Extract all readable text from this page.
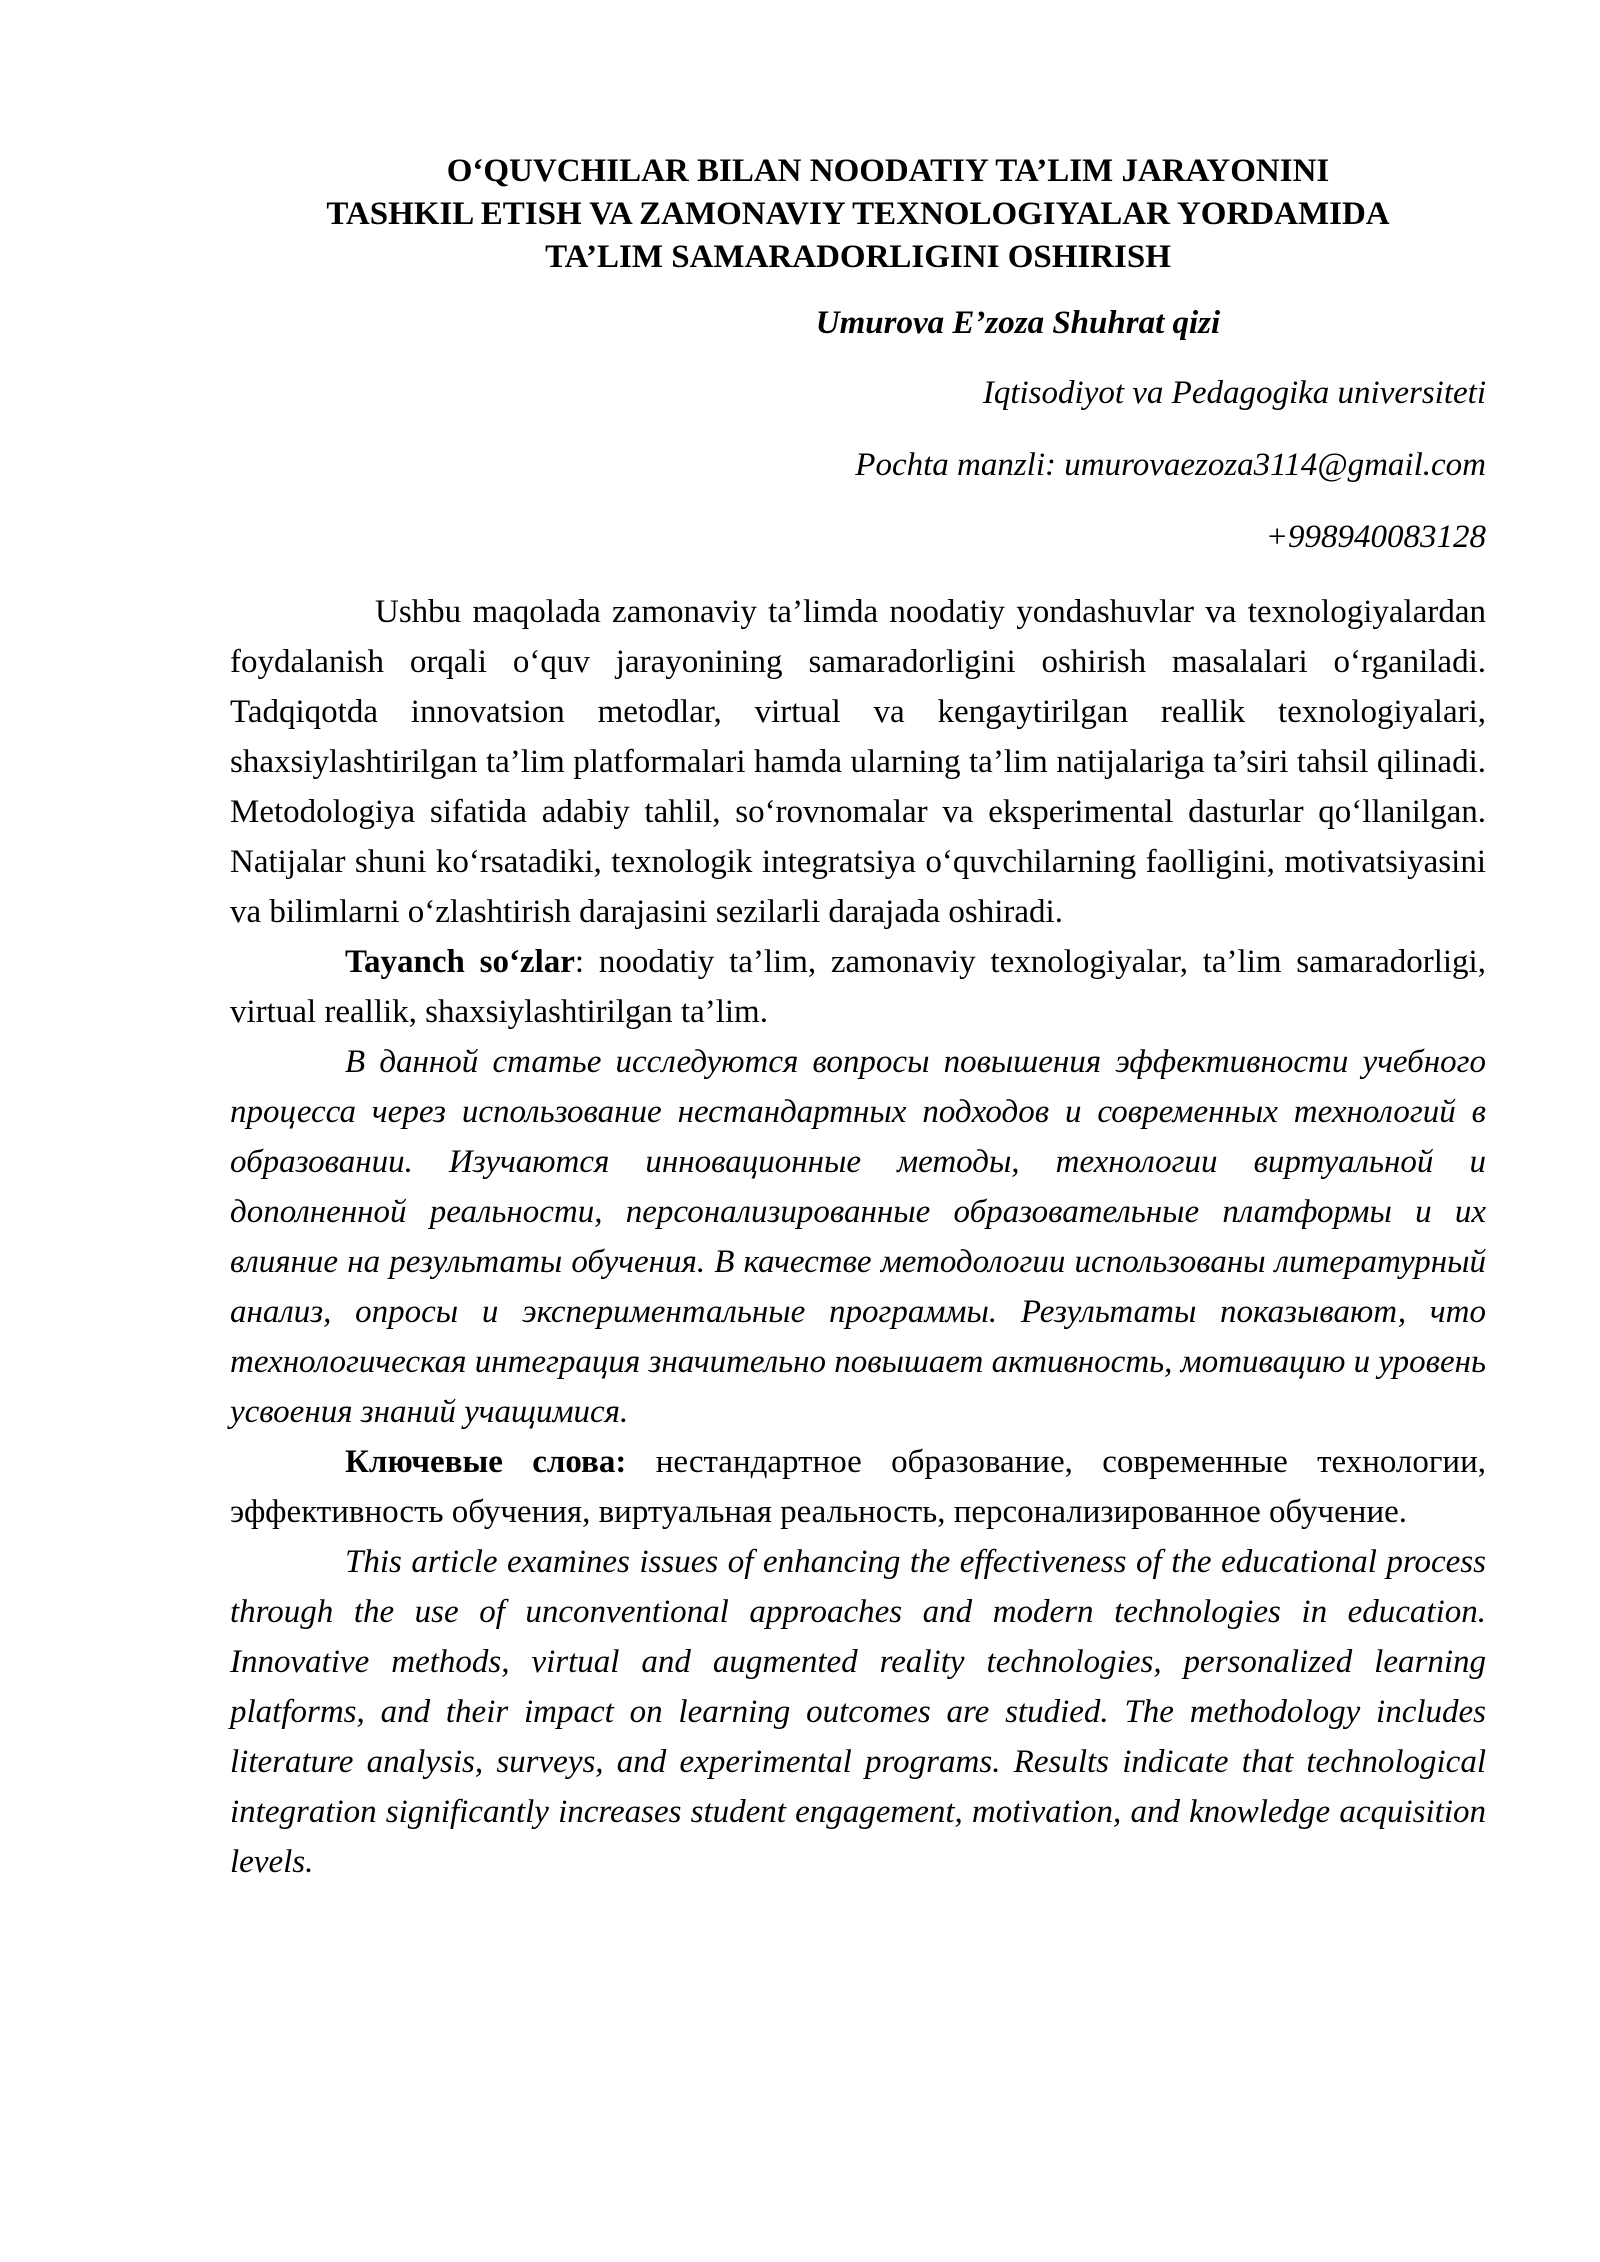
O‘QUVCHILAR BILAN NOODATIY TA’LIM JARAYONINI
TASHKIL ETISH VA ZAMONAVIY TEXNOLOGIYALAR YORDAMIDA
TA’LIM SAMARADORLIGINI OSHIRISH
Umurova E’zoza Shuhrat qizi
Iqtisodiyot va Pedagogika universiteti
Pochta manzli: umurovaezoza3114@gmail.com
+998940083128

Ushbu maqolada zamonaviy ta’limda noodatiy yondashuvlar va texnologiyalardan foydalanish orqali o‘quv jarayonining samaradorligini oshirish masalalari o‘rganiladi. Tadqiqotda innovatsion metodlar, virtual va kengaytirilgan reallik texnologiyalari, shaxsiylashtirilgan ta’lim platformalari hamda ularning ta’lim natijalariga ta’siri tahsil qilinadi. Metodologiya sifatida adabiy tahlil, so‘rovnomalar va eksperimental dasturlar qo‘llanilgan. Natijalar shuni ko‘rsatadiki, texnologik integratsiya o‘quvchilarning faolligini, motivatsiyasini va bilimlarni o‘zlashtirish darajasini sezilarli darajada oshiradi.

Tayanch so‘zlar: noodatiy ta’lim, zamonaviy texnologiyalar, ta’lim samaradorligi, virtual reallik, shaxsiylashtirilgan ta’lim.

В данной статье исследуются вопросы повышения эффективности учебного процесса через использование нестандартных подходов и современных технологий в образовании. Изучаются инновационные методы, технологии виртуальной и дополненной реальности, персонализированные образовательные платформы и их влияние на результаты обучения. В качестве методологии использованы литературный анализ, опросы и экспериментальные программы. Результаты показывают, что технологическая интеграция значительно повышает активность, мотивацию и уровень усвоения знаний учащимися.

Ключевые слова: нестандартное образование, современные технологии, эффективность обучения, виртуальная реальность, персонализированное обучение.

This article examines issues of enhancing the effectiveness of the educational process through the use of unconventional approaches and modern technologies in education. Innovative methods, virtual and augmented reality technologies, personalized learning platforms, and their impact on learning outcomes are studied. The methodology includes literature analysis, surveys, and experimental programs. Results indicate that technological integration significantly increases student engagement, motivation, and knowledge acquisition levels.
